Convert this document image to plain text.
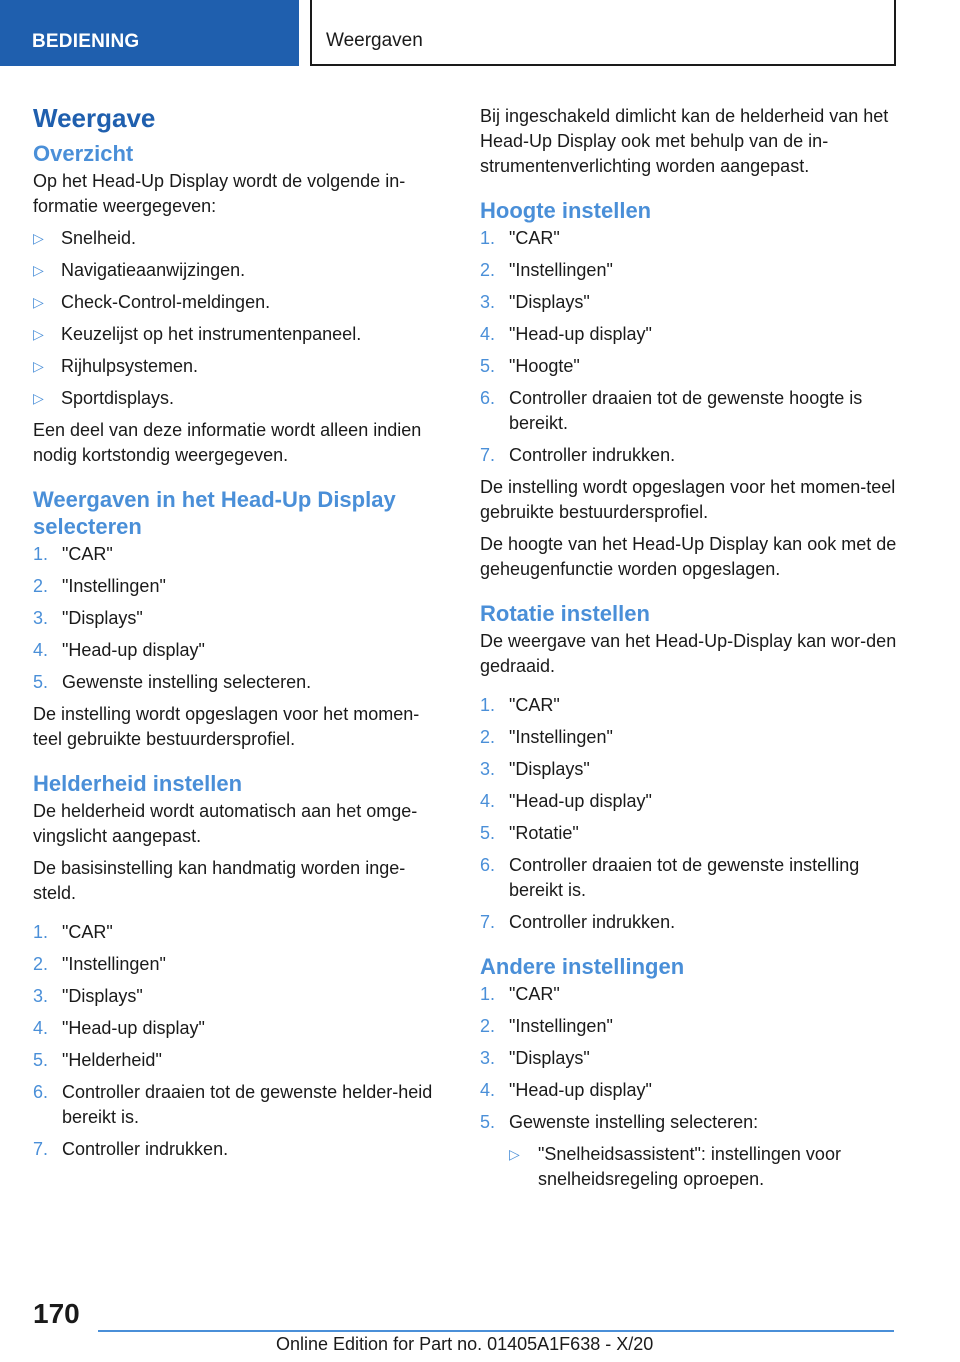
BEDIENING	Weergaven
Weergave
Overzicht

Op het Head-Up Display wordt de volgende in-formatie weergegeven:

▷ Snelheid.
▷ Navigatieaanwijzingen.
▷ Check-Control-meldingen.
▷ Keuzelijst op het instrumentenpaneel.
▷ Rijhulpsystemen.
▷ Sportdisplays.

Een deel van deze informatie wordt alleen indien nodig kortstondig weergegeven.

Weergaven in het Head-Up Display selecteren
1. "CAR"
2. "Instellingen"
3. "Displays"
4. "Head-up display"
5. Gewenste instelling selecteren.

De instelling wordt opgeslagen voor het momen-teel gebruikte bestuurdersprofiel.

Helderheid instellen

De helderheid wordt automatisch aan het omge-vingslicht aangepast.

De basisinstelling kan handmatig worden inge-steld.

1. "CAR"
2. "Instellingen"
3. "Displays"
4. "Head-up display"
5. "Helderheid"
6. Controller draaien tot de gewenste helder-heid bereikt is.
7. Controller indrukken.

Bij ingeschakeld dimlicht kan de helderheid van het Head-Up Display ook met behulp van de in-strumentenverlichting worden aangepast.

Hoogte instellen
1. "CAR"
2. "Instellingen"
3. "Displays"
4. "Head-up display"
5. "Hoogte"
6. Controller draaien tot de gewenste hoogte is bereikt.
7. Controller indrukken.

De instelling wordt opgeslagen voor het momen-teel gebruikte bestuurdersprofiel.

De hoogte van het Head-Up Display kan ook met de geheugenfunctie worden opgeslagen.

Rotatie instellen

De weergave van het Head-Up-Display kan wor-den gedraaid.

1. "CAR"
2. "Instellingen"
3. "Displays"
4. "Head-up display"
5. "Rotatie"
6. Controller draaien tot de gewenste instelling bereikt is.
7. Controller indrukken.
Andere instellingen
1. "CAR"
2. "Instellingen"
3. "Displays"
4. "Head-up display"
5. Gewenste instelling selecteren:
▷ "Snelheidsassistent": instellingen voor snelheidsregeling oproepen.
170
Online Edition for Part no. 01405A1F638 - X/20
